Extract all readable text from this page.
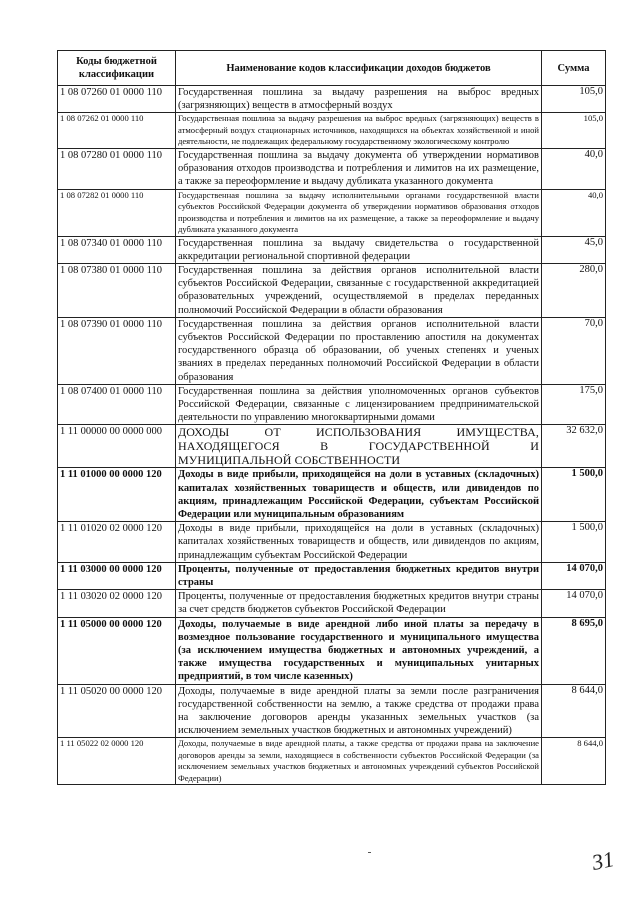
Коды бюджетной классификации	Наименование кодов классификации доходов бюджетов	Сумма
1 08 07260 01 0000 110	Государственная пошлина за выдачу разрешения на выброс вредных (загрязняющих) веществ в атмосферный воздух	105,0
1 08 07262 01 0000 110	Государственная пошлина за выдачу разрешения на выброс вредных (загрязняющих) веществ в атмосферный воздух стационарных источников, находящихся на объектах хозяйственной и иной деятельности, не подлежащих федеральному государственному экологическому контролю	105,0
1 08 07280 01 0000 110	Государственная пошлина за выдачу документа об утверждении нормативов образования отходов производства и потребления и лимитов на их размещение, а также за переоформление и выдачу дубликата указанного документа	40,0
1 08 07282 01 0000 110	Государственная пошлина за выдачу исполнительными органами государственной власти субъектов Российской Федерации документа об утверждении нормативов образования отходов производства и потребления и лимитов на их размещение, а также за переоформление и выдачу дубликата указанного документа	40,0
1 08 07340 01 0000 110	Государственная пошлина за выдачу свидетельства о государственной аккредитации региональной спортивной федерации	45,0
1 08 07380 01 0000 110	Государственная пошлина за действия органов исполнительной власти субъектов Российской Федерации, связанные с государственной аккредитацией образовательных учреждений, осуществляемой в пределах переданных полномочий Российской Федерации в области образования	280,0
1 08 07390 01 0000 110	Государственная пошлина за действия органов исполнительной власти субъектов Российской Федерации по проставлению апостиля на документах государственного образца об образовании, об ученых степенях и ученых званиях в пределах переданных полномочий Российской Федерации в области образования	70,0
1 08 07400 01 0000 110	Государственная пошлина за действия уполномоченных органов субъектов Российской Федерации, связанные с лицензированием предпринимательской деятельности по управлению многоквартирными домами	175,0
1 11 00000 00 0000 000	ДОХОДЫ ОТ ИСПОЛЬЗОВАНИЯ ИМУЩЕСТВА, НАХОДЯЩЕГОСЯ В ГОСУДАРСТВЕННОЙ И МУНИЦИПАЛЬНОЙ СОБСТВЕННОСТИ	32 632,0
1 11 01000 00 0000 120	Доходы в виде прибыли, приходящейся на доли в уставных (складочных) капиталах хозяйственных товариществ и обществ, или дивидендов по акциям, принадлежащим Российской Федерации, субъектам Российской Федерации или муниципальным образованиям	1 500,0
1 11 01020 02 0000 120	Доходы в виде прибыли, приходящейся на доли в уставных (складочных) капиталах хозяйственных товариществ и обществ, или дивидендов по акциям, принадлежащим субъектам Российской Федерации	1 500,0
1 11 03000 00 0000 120	Проценты, полученные от предоставления бюджетных кредитов внутри страны	14 070,0
1 11 03020 02 0000 120	Проценты, полученные от предоставления бюджетных кредитов внутри страны за счет средств бюджетов субъектов Российской Федерации	14 070,0
1 11 05000 00 0000 120	Доходы, получаемые в виде арендной либо иной платы за передачу в возмездное пользование государственного и муниципального имущества (за исключением имущества бюджетных и автономных учреждений, а также имущества государственных и муниципальных унитарных предприятий, в том числе казенных)	8 695,0
1 11 05020 00 0000 120	Доходы, получаемые в виде арендной платы за земли после разграничения государственной собственности на землю, а также средства от продажи права на заключение договоров аренды указанных земельных участков (за исключением земельных участков бюджетных и автономных учреждений)	8 644,0
1 11 05022 02 0000 120	Доходы, получаемые в виде арендной платы, а также средства от продажи права на заключение договоров аренды за земли, находящиеся в собственности субъектов Российской Федерации (за исключением земельных участков бюджетных и автономных учреждений субъектов Российской Федерации)	8 644,0
31
